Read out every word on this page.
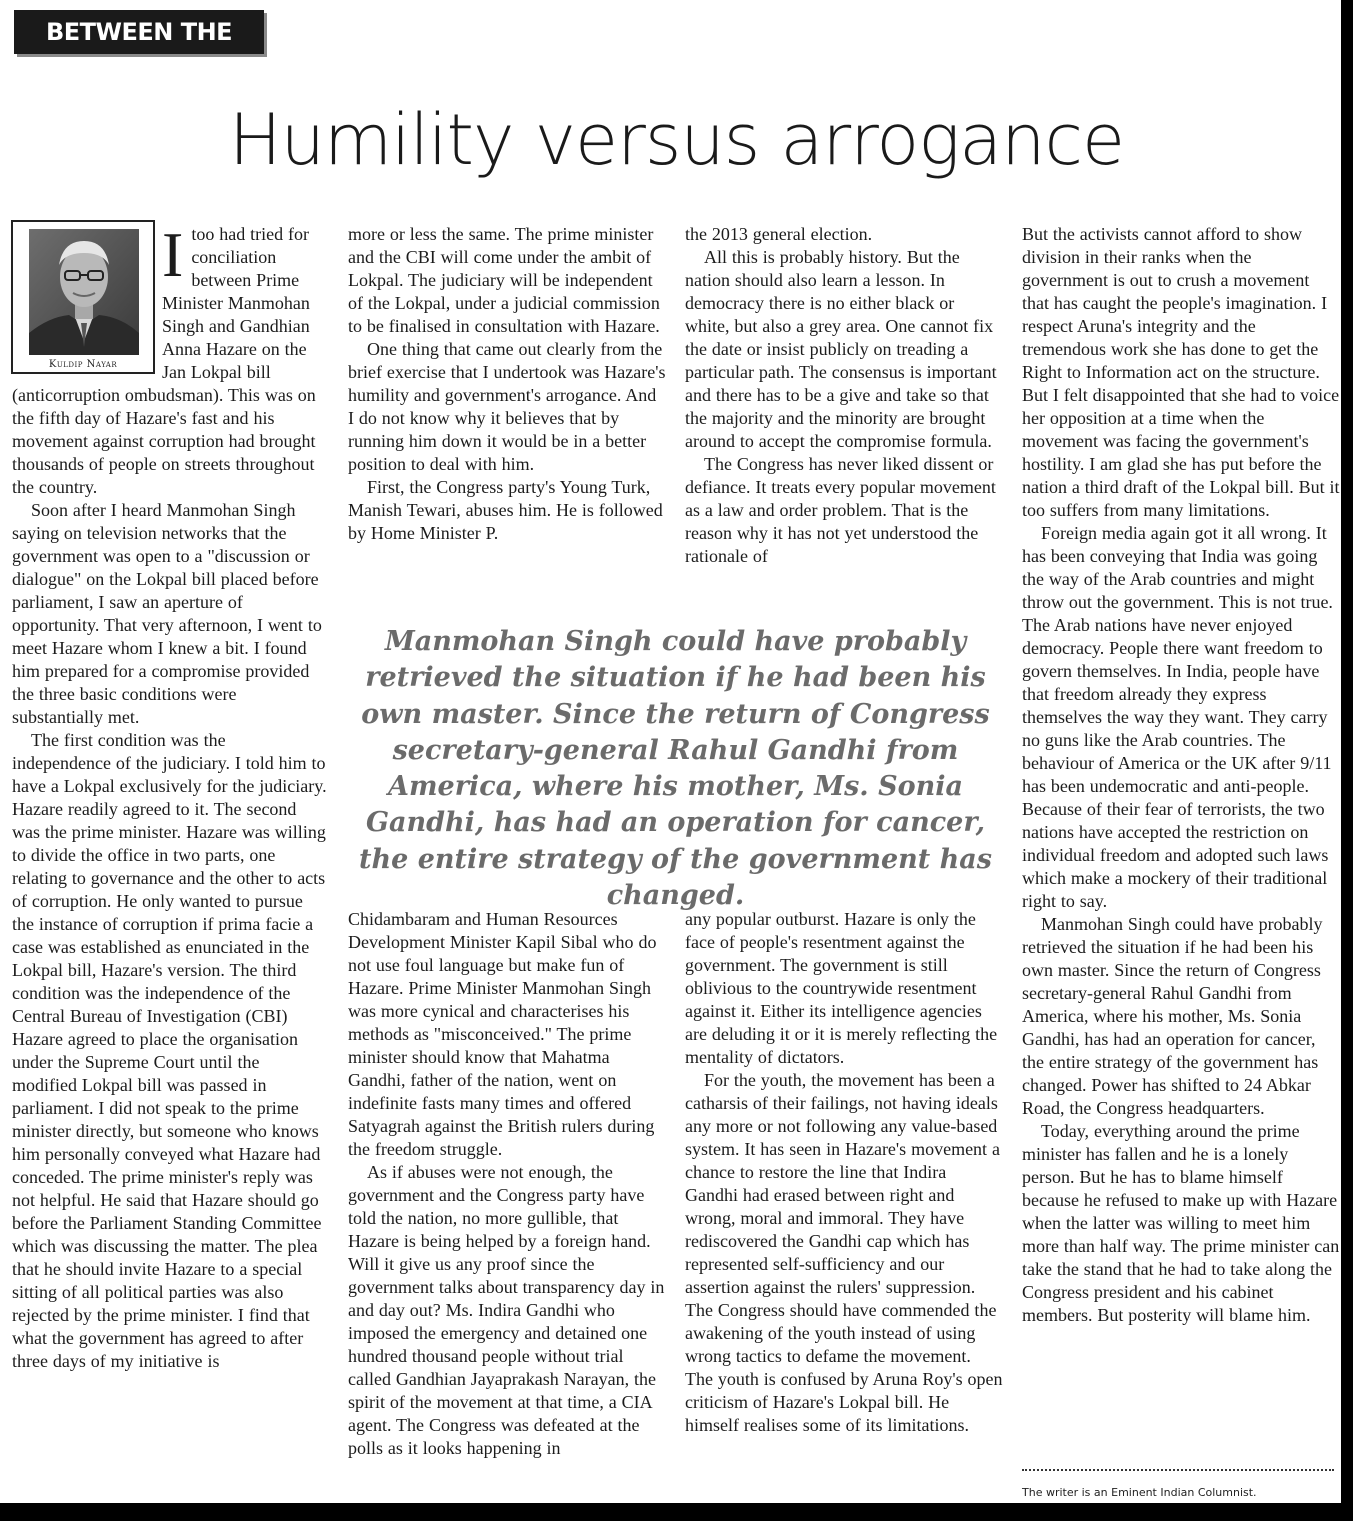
BETWEEN THE LINES
Humility versus arrogance
Kuldip Nayar

Itoo had tried for conciliation between Prime Minister Manmohan Singh and Gandhian Anna Hazare on the Jan Lokpal bill (anticorruption ombudsman). This was on the fifth day of Hazare's fast and his movement against corruption had brought thousands of people on streets throughout the country.

Soon after I heard Manmohan Singh saying on television networks that the government was open to a "discussion or dialogue" on the Lokpal bill placed before parliament, I saw an aperture of opportunity. That very afternoon, I went to meet Hazare whom I knew a bit. I found him prepared for a compromise provided the three basic conditions were substantially met.

The first condition was the independence of the judiciary. I told him to have a Lokpal exclusively for the judiciary. Hazare readily agreed to it. The second was the prime minister. Hazare was willing to divide the office in two parts, one relating to governance and the other to acts of corruption. He only wanted to pursue the instance of corruption if prima facie a case was established as enunciated in the Lokpal bill, Hazare's version. The third condition was the independence of the Central Bureau of Investigation (CBI) Hazare agreed to place the organisation under the Supreme Court until the modified Lokpal bill was passed in parliament. I did not speak to the prime minister directly, but someone who knows him personally conveyed what Hazare had conceded. The prime minister's reply was not helpful. He said that Hazare should go before the Parliament Standing Committee which was discussing the matter. The plea that he should invite Hazare to a special sitting of all political parties was also rejected by the prime minister. I find that what the government has agreed to after three days of my initiative is

more or less the same. The prime minister and the CBI will come under the ambit of Lokpal. The judiciary will be independent of the Lokpal, under a judicial commission to be finalised in consultation with Hazare.

One thing that came out clearly from the brief exercise that I undertook was Hazare's humility and government's arrogance. And I do not know why it believes that by running him down it would be in a better position to deal with him.

First, the Congress party's Young Turk, Manish Tewari, abuses him. He is followed by Home Minister P.

the 2013 general election.

All this is probably history. But the nation should also learn a lesson. In democracy there is no either black or white, but also a grey area. One cannot fix the date or insist publicly on treading a particular path. The consensus is important and there has to be a give and take so that the majority and the minority are brought around to accept the compromise formula.

The Congress has never liked dissent or defiance. It treats every popular movement as a law and order problem. That is the reason why it has not yet understood the rationale of

Manmohan Singh could have probably retrieved the situation if he had been his own master. Since the return of Congress secretary-general Rahul Gandhi from America, where his mother, Ms. Sonia Gandhi, has had an operation for cancer, the entire strategy of the government has changed.

Chidambaram and Human Resources Development Minister Kapil Sibal who do not use foul language but make fun of Hazare. Prime Minister Manmohan Singh was more cynical and characterises his methods as "misconceived." The prime minister should know that Mahatma Gandhi, father of the nation, went on indefinite fasts many times and offered Satyagrah against the British rulers during the freedom struggle.

As if abuses were not enough, the government and the Congress party have told the nation, no more gullible, that Hazare is being helped by a foreign hand. Will it give us any proof since the government talks about transparency day in and day out? Ms. Indira Gandhi who imposed the emergency and detained one hundred thousand people without trial called Gandhian Jayaprakash Narayan, the spirit of the movement at that time, a CIA agent. The Congress was defeated at the polls as it looks happening in

any popular outburst. Hazare is only the face of people's resentment against the government. The government is still oblivious to the countrywide resentment against it. Either its intelligence agencies are deluding it or it is merely reflecting the mentality of dictators.

For the youth, the movement has been a catharsis of their failings, not having ideals any more or not following any value-based system. It has seen in Hazare's movement a chance to restore the line that Indira Gandhi had erased between right and wrong, moral and immoral. They have rediscovered the Gandhi cap which has represented self-sufficiency and our assertion against the rulers' suppression. The Congress should have commended the awakening of the youth instead of using wrong tactics to defame the movement. The youth is confused by Aruna Roy's open criticism of Hazare's Lokpal bill. He himself realises some of its limitations.

But the activists cannot afford to show division in their ranks when the government is out to crush a movement that has caught the people's imagination. I respect Aruna's integrity and the tremendous work she has done to get the Right to Information act on the structure. But I felt disappointed that she had to voice her opposition at a time when the movement was facing the government's hostility. I am glad she has put before the nation a third draft of the Lokpal bill. But it too suffers from many limitations.

Foreign media again got it all wrong. It has been conveying that India was going the way of the Arab countries and might throw out the government. This is not true. The Arab nations have never enjoyed democracy. People there want freedom to govern themselves. In India, people have that freedom already they express themselves the way they want. They carry no guns like the Arab countries. The behaviour of America or the UK after 9/11 has been undemocratic and anti-people. Because of their fear of terrorists, the two nations have accepted the restriction on individual freedom and adopted such laws which make a mockery of their traditional right to say.

Manmohan Singh could have probably retrieved the situation if he had been his own master. Since the return of Congress secretary-general Rahul Gandhi from America, where his mother, Ms. Sonia Gandhi, has had an operation for cancer, the entire strategy of the government has changed. Power has shifted to 24 Abkar Road, the Congress headquarters.

Today, everything around the prime minister has fallen and he is a lonely person. But he has to blame himself because he refused to make up with Hazare when the latter was willing to meet him more than half way. The prime minister can take the stand that he had to take along the Congress president and his cabinet members. But posterity will blame him.

The writer is an Eminent Indian Columnist.
